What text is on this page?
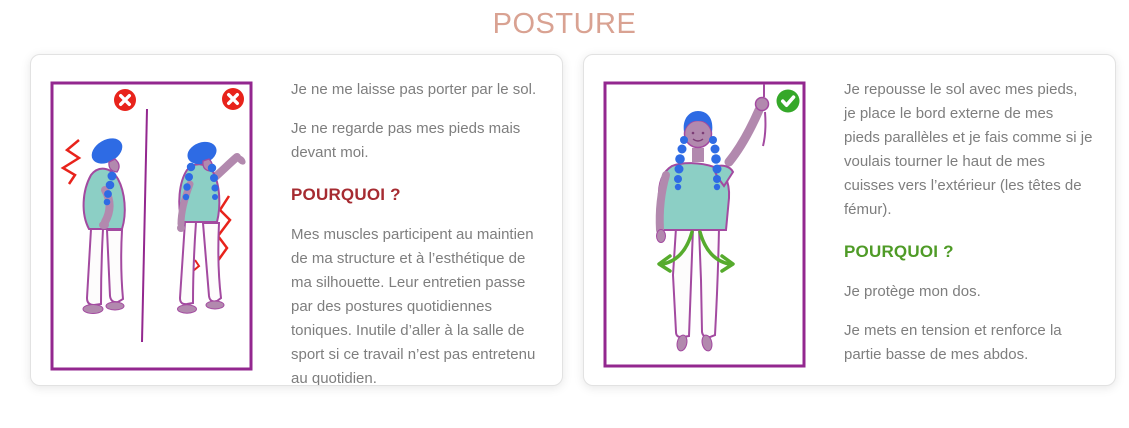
POSTURE

Je ne me laisse pas porter par le sol.

Je ne regarde pas mes pieds mais devant moi.

POURQUOI ?

Mes muscles participent au maintien de ma structure et à l’esthétique de ma silhouette. Leur entretien passe par des postures quotidiennes toniques. Inutile d’aller à la salle de sport si ce travail n’est pas entretenu au quotidien.

Je repousse le sol avec mes pieds, je place le bord externe de mes pieds parallèles et je fais comme si je voulais tourner le haut de mes cuisses vers l’extérieur (les têtes de fémur).

POURQUOI ?

Je protège mon dos.

Je mets en tension et renforce la partie basse de mes abdos.
